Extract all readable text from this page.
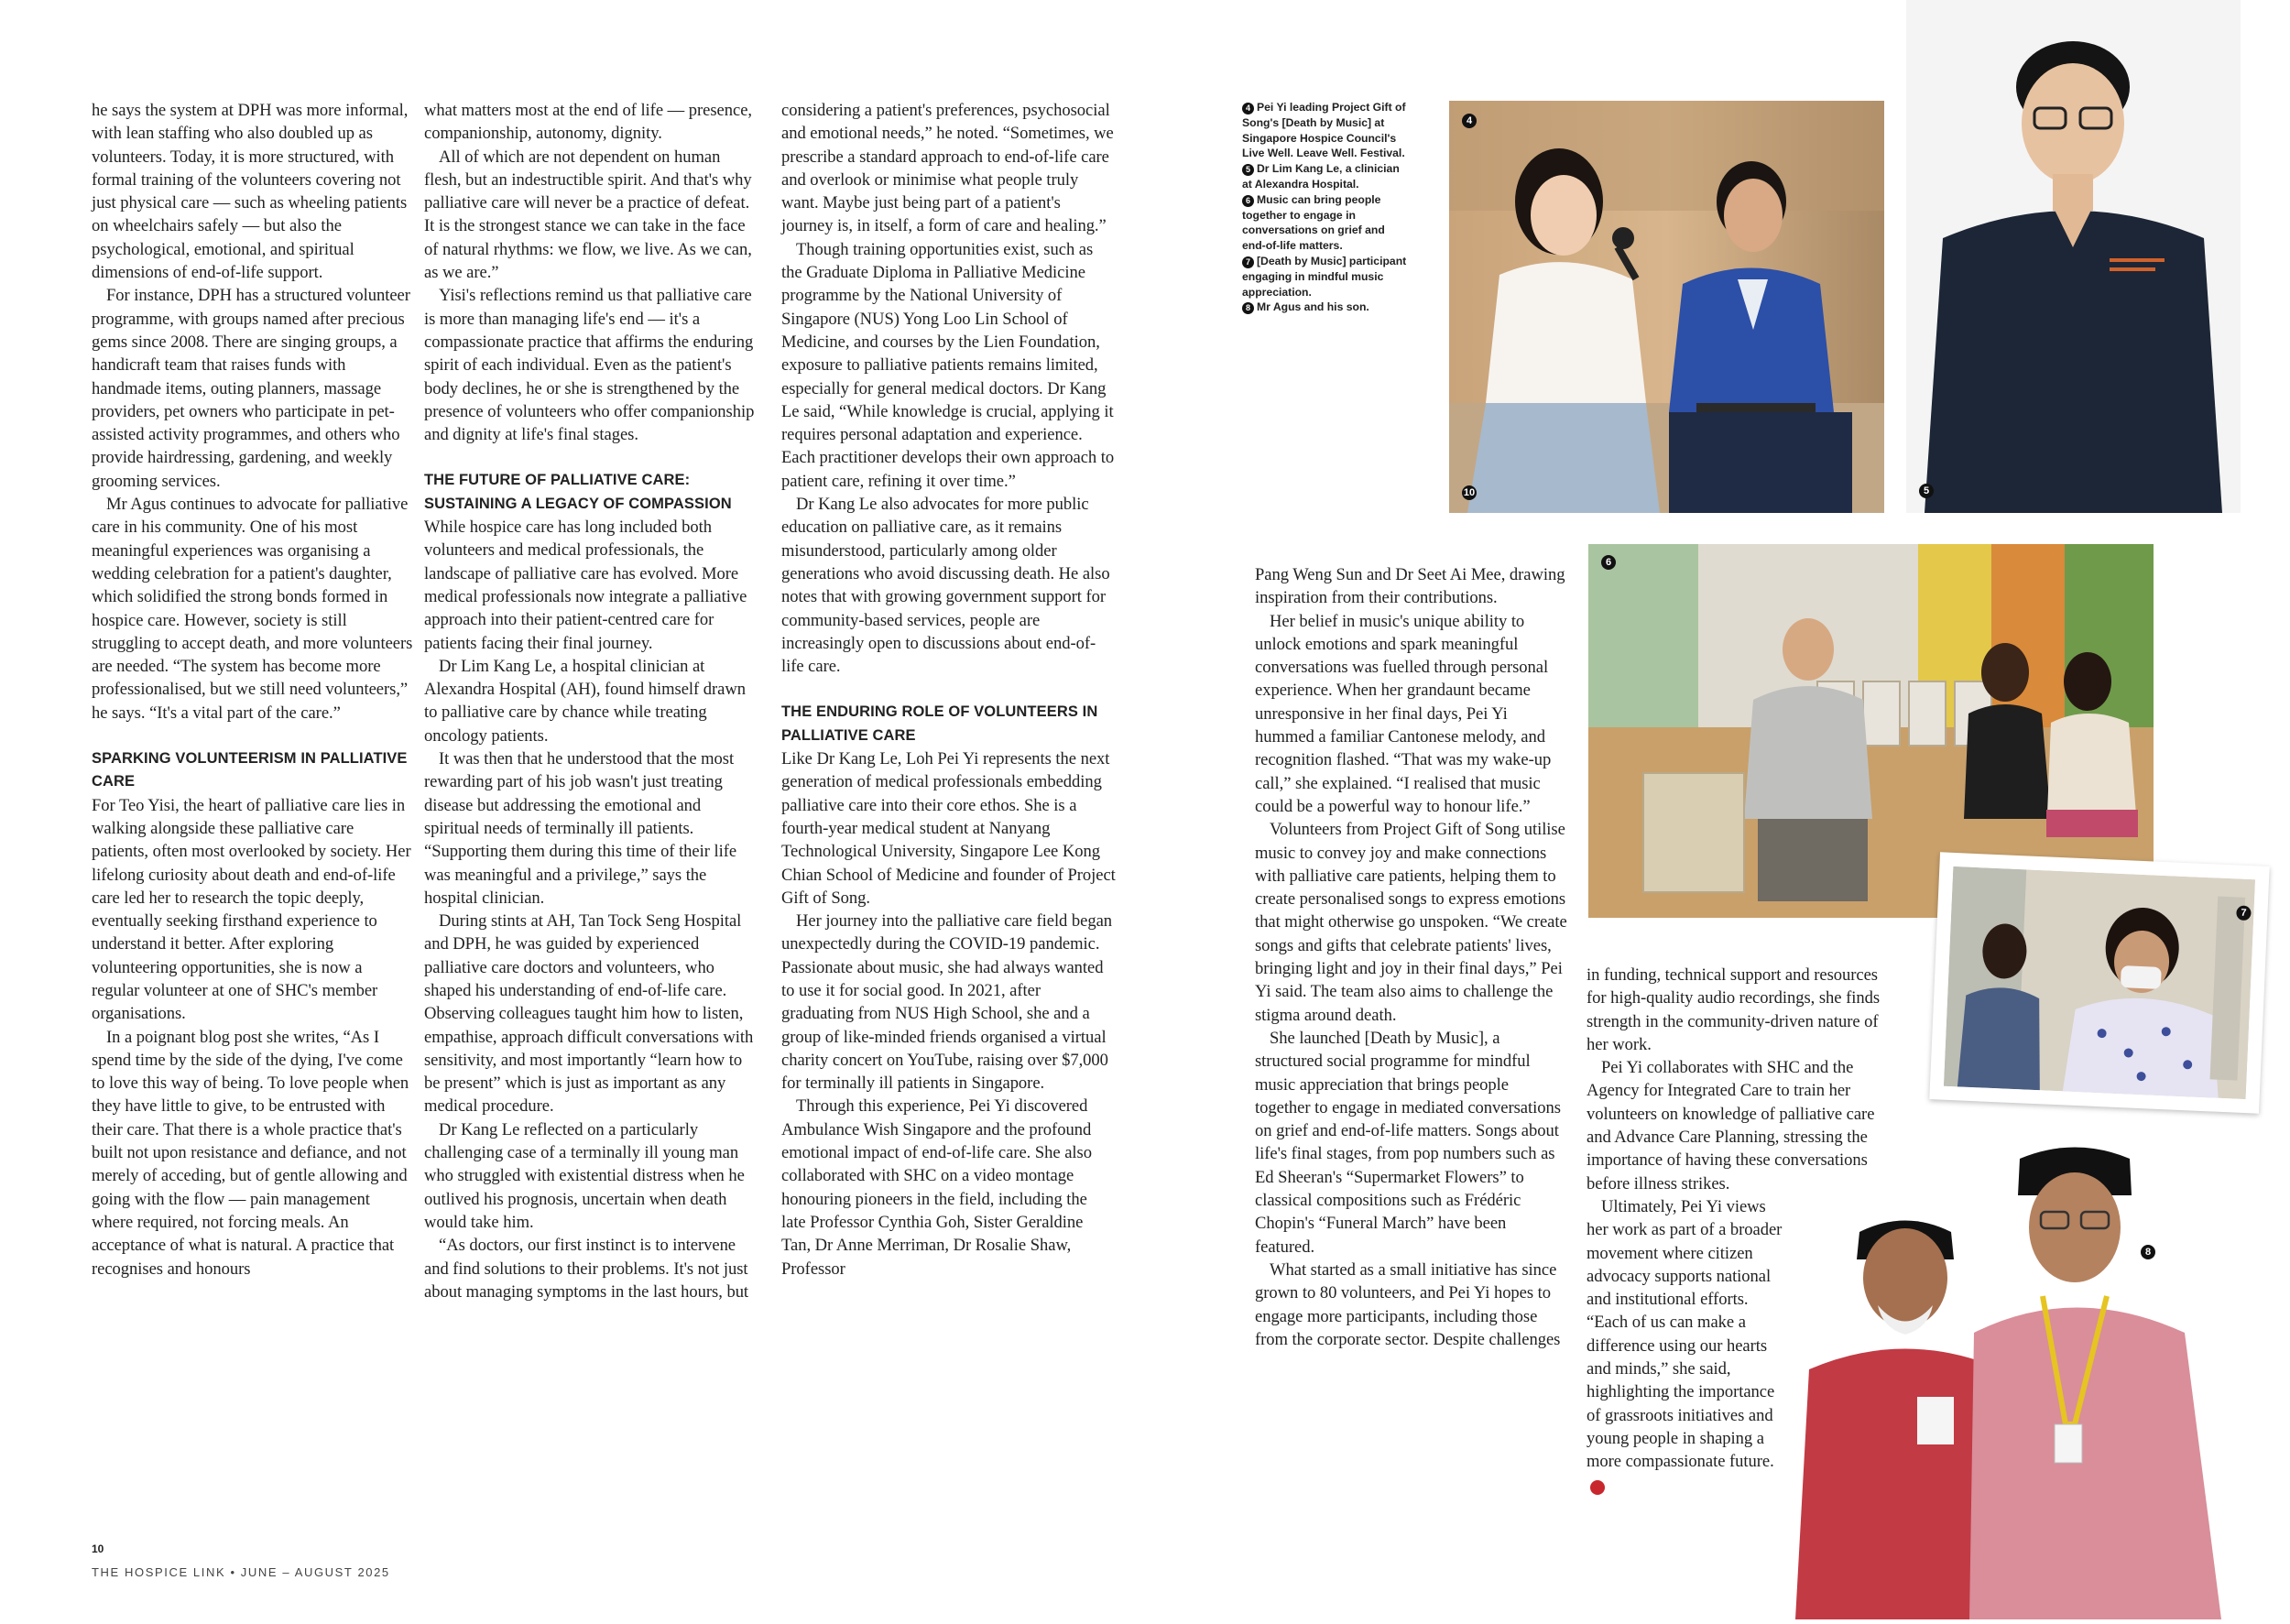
he says the system at DPH was more informal, with lean staffing who also doubled up as volunteers. Today, it is more structured, with formal training of the volunteers covering not just physical care — such as wheeling patients on wheelchairs safely — but also the psychological, emotional, and spiritual dimensions of end-of-life support.

For instance, DPH has a structured volunteer programme, with groups named after precious gems since 2008. There are singing groups, a handicraft team that raises funds with handmade items, outing planners, massage providers, pet owners who participate in pet-assisted activity programmes, and others who provide hairdressing, gardening, and weekly grooming services.

Mr Agus continues to advocate for palliative care in his community. One of his most meaningful experiences was organising a wedding celebration for a patient's daughter, which solidified the strong bonds formed in hospice care. However, society is still struggling to accept death, and more volunteers are needed. “The system has become more professionalised, but we still need volunteers,” he says. “It's a vital part of the care.”

SPARKING VOLUNTEERISM IN PALLIATIVE CARE

For Teo Yisi, the heart of palliative care lies in walking alongside these palliative care patients, often most overlooked by society. Her lifelong curiosity about death and end-of-life care led her to research the topic deeply, eventually seeking firsthand experience to understand it better. After exploring volunteering opportunities, she is now a regular volunteer at one of SHC's member organisations.

In a poignant blog post she writes, “As I spend time by the side of the dying, I've come to love this way of being. To love people when they have little to give, to be entrusted with their care. That there is a whole practice that's built not upon resistance and defiance, and not merely of acceding, but of gentle allowing and going with the flow — pain management where required, not forcing meals. An acceptance of what is natural. A practice that recognises and honours

what matters most at the end of life — presence, companionship, autonomy, dignity.

All of which are not dependent on human flesh, but an indestructible spirit. And that's why palliative care will never be a practice of defeat. It is the strongest stance we can take in the face of natural rhythms: we flow, we live. As we can, as we are.”

Yisi's reflections remind us that palliative care is more than managing life's end — it's a compassionate practice that affirms the enduring spirit of each individual. Even as the patient's body declines, he or she is strengthened by the presence of volunteers who offer companionship and dignity at life's final stages.

THE FUTURE OF PALLIATIVE CARE: SUSTAINING A LEGACY OF COMPASSION

While hospice care has long included both volunteers and medical professionals, the landscape of palliative care has evolved. More medical professionals now integrate a palliative approach into their patient-centred care for patients facing their final journey.

Dr Lim Kang Le, a hospital clinician at Alexandra Hospital (AH), found himself drawn to palliative care by chance while treating oncology patients.

It was then that he understood that the most rewarding part of his job wasn't just treating disease but addressing the emotional and spiritual needs of terminally ill patients. “Supporting them during this time of their life was meaningful and a privilege,” says the hospital clinician.

During stints at AH, Tan Tock Seng Hospital and DPH, he was guided by experienced palliative care doctors and volunteers, who shaped his understanding of end-of-life care. Observing colleagues taught him how to listen, empathise, approach difficult conversations with sensitivity, and most importantly “learn how to be present” which is just as important as any medical procedure.

Dr Kang Le reflected on a particularly challenging case of a terminally ill young man who struggled with existential distress when he outlived his prognosis, uncertain when death would take him.

“As doctors, our first instinct is to intervene and find solutions to their problems. It's not just about managing symptoms in the last hours, but

considering a patient's preferences, psychosocial and emotional needs,” he noted. “Sometimes, we prescribe a standard approach to end-of-life care and overlook or minimise what people truly want. Maybe just being part of a patient's journey is, in itself, a form of care and healing.”

Though training opportunities exist, such as the Graduate Diploma in Palliative Medicine programme by the National University of Singapore (NUS) Yong Loo Lin School of Medicine, and courses by the Lien Foundation, exposure to palliative patients remains limited, especially for general medical doctors. Dr Kang Le said, “While knowledge is crucial, applying it requires personal adaptation and experience. Each practitioner develops their own approach to patient care, refining it over time.”

Dr Kang Le also advocates for more public education on palliative care, as it remains misunderstood, particularly among older generations who avoid discussing death. He also notes that with growing government support for community-based services, people are increasingly open to discussions about end-of-life care.

THE ENDURING ROLE OF VOLUNTEERS IN PALLIATIVE CARE

Like Dr Kang Le, Loh Pei Yi represents the next generation of medical professionals embedding palliative care into their core ethos. She is a fourth-year medical student at Nanyang Technological University, Singapore Lee Kong Chian School of Medicine and founder of Project Gift of Song.

Her journey into the palliative care field began unexpectedly during the COVID-19 pandemic. Passionate about music, she had always wanted to use it for social good. In 2021, after graduating from NUS High School, she and a group of like-minded friends organised a virtual charity concert on YouTube, raising over $7,000 for terminally ill patients in Singapore.

Through this experience, Pei Yi discovered Ambulance Wish Singapore and the profound emotional impact of end-of-life care. She also collaborated with SHC on a video montage honouring pioneers in the field, including the late Professor Cynthia Goh, Sister Geraldine Tan, Dr Anne Merriman, Dr Rosalie Shaw, Professor

Pang Weng Sun and Dr Seet Ai Mee, drawing inspiration from their contributions.

Her belief in music's unique ability to unlock emotions and spark meaningful conversations was fuelled through personal experience. When her grandaunt became unresponsive in her final days, Pei Yi hummed a familiar Cantonese melody, and recognition flashed. “That was my wake-up call,” she explained. “I realised that music could be a powerful way to honour life.”

Volunteers from Project Gift of Song utilise music to convey joy and make connections with palliative care patients, helping them to create personalised songs to express emotions that might otherwise go unspoken. “We create songs and gifts that celebrate patients' lives, bringing light and joy in their final days,” Pei Yi said. The team also aims to challenge the stigma around death.

She launched [Death by Music], a structured social programme for mindful music appreciation that brings people together to engage in mediated conversations on grief and end-of-life matters. Songs about life's final stages, from pop numbers such as Ed Sheeran's “Supermarket Flowers” to classical compositions such as Frédéric Chopin's “Funeral March” have been featured.

What started as a small initiative has since grown to 80 volunteers, and Pei Yi hopes to engage more participants, including those from the corporate sector. Despite challenges

in funding, technical support and resources for high-quality audio recordings, she finds strength in the community-driven nature of her work.

Pei Yi collaborates with SHC and the Agency for Integrated Care to train her volunteers on knowledge of palliative care and Advance Care Planning, stressing the importance of having these conversations before illness strikes.

Ultimately, Pei Yi views her work as part of a broader movement where citizen advocacy supports national and institutional efforts. “Each of us can make a difference using our hearts and minds,” she said, highlighting the importance of grassroots initiatives and young people in shaping a more compassionate future.HL

4 Pei Yi leading Project Gift of Song's [Death by Music] at Singapore Hospice Council's Live Well. Leave Well. Festival.
5 Dr Lim Kang Le, a clinician at Alexandra Hospital.
6 Music can bring people together to engage in conversations on grief and end-of-life matters.
7 [Death by Music] participant engaging in mindful music appreciation.
8 Mr Agus and his son.
4
10	5
6
7
8
10
THE HOSPICE LINK • JUNE – AUGUST 2025
